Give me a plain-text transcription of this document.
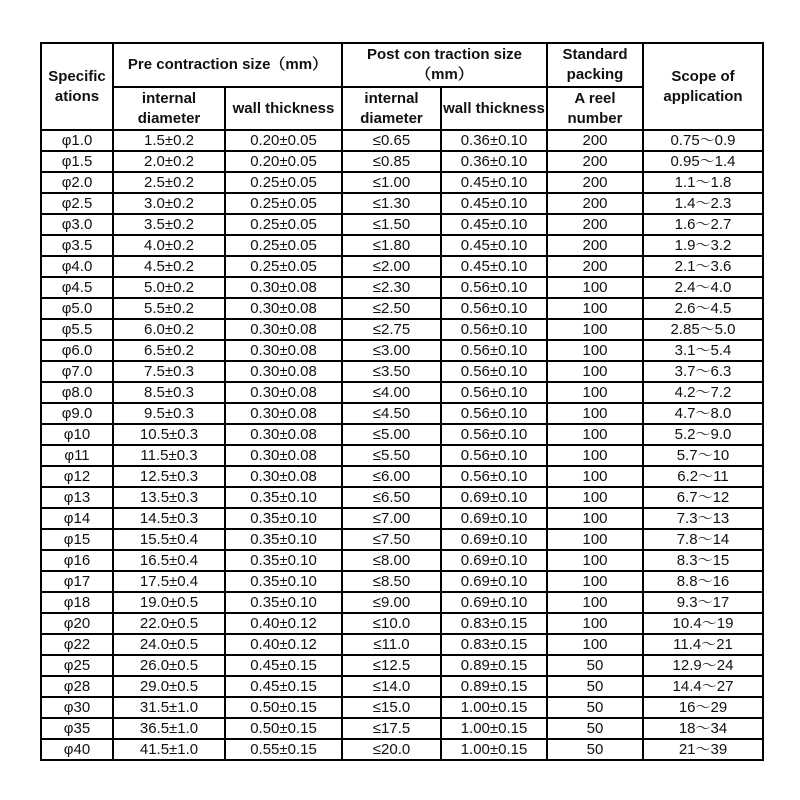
Specific ations	Pre contraction size（mm）		Post con traction size（mm）		Standard packing	Scope of application
	internal diameter	wall thickness	internal diameter	wall thickness	A reel number	
φ1.0	1.5±0.2	0.20±0.05	≤0.65	0.36±0.10	200	0.75～0.9
φ1.5	2.0±0.2	0.20±0.05	≤0.85	0.36±0.10	200	0.95～1.4
φ2.0	2.5±0.2	0.25±0.05	≤1.00	0.45±0.10	200	1.1～1.8
φ2.5	3.0±0.2	0.25±0.05	≤1.30	0.45±0.10	200	1.4～2.3
φ3.0	3.5±0.2	0.25±0.05	≤1.50	0.45±0.10	200	1.6～2.7
φ3.5	4.0±0.2	0.25±0.05	≤1.80	0.45±0.10	200	1.9～3.2
φ4.0	4.5±0.2	0.25±0.05	≤2.00	0.45±0.10	200	2.1～3.6
φ4.5	5.0±0.2	0.30±0.08	≤2.30	0.56±0.10	100	2.4～4.0
φ5.0	5.5±0.2	0.30±0.08	≤2.50	0.56±0.10	100	2.6～4.5
φ5.5	6.0±0.2	0.30±0.08	≤2.75	0.56±0.10	100	2.85～5.0
φ6.0	6.5±0.2	0.30±0.08	≤3.00	0.56±0.10	100	3.1～5.4
φ7.0	7.5±0.3	0.30±0.08	≤3.50	0.56±0.10	100	3.7～6.3
φ8.0	8.5±0.3	0.30±0.08	≤4.00	0.56±0.10	100	4.2～7.2
φ9.0	9.5±0.3	0.30±0.08	≤4.50	0.56±0.10	100	4.7～8.0
φ10	10.5±0.3	0.30±0.08	≤5.00	0.56±0.10	100	5.2～9.0
φ11	11.5±0.3	0.30±0.08	≤5.50	0.56±0.10	100	5.7～10
φ12	12.5±0.3	0.30±0.08	≤6.00	0.56±0.10	100	6.2～11
φ13	13.5±0.3	0.35±0.10	≤6.50	0.69±0.10	100	6.7～12
φ14	14.5±0.3	0.35±0.10	≤7.00	0.69±0.10	100	7.3～13
φ15	15.5±0.4	0.35±0.10	≤7.50	0.69±0.10	100	7.8～14
φ16	16.5±0.4	0.35±0.10	≤8.00	0.69±0.10	100	8.3～15
φ17	17.5±0.4	0.35±0.10	≤8.50	0.69±0.10	100	8.8～16
φ18	19.0±0.5	0.35±0.10	≤9.00	0.69±0.10	100	9.3～17
φ20	22.0±0.5	0.40±0.12	≤10.0	0.83±0.15	100	10.4～19
φ22	24.0±0.5	0.40±0.12	≤11.0	0.83±0.15	100	11.4～21
φ25	26.0±0.5	0.45±0.15	≤12.5	0.89±0.15	50	12.9～24
φ28	29.0±0.5	0.45±0.15	≤14.0	0.89±0.15	50	14.4～27
φ30	31.5±1.0	0.50±0.15	≤15.0	1.00±0.15	50	16～29
φ35	36.5±1.0	0.50±0.15	≤17.5	1.00±0.15	50	18～34
φ40	41.5±1.0	0.55±0.15	≤20.0	1.00±0.15	50	21～39
